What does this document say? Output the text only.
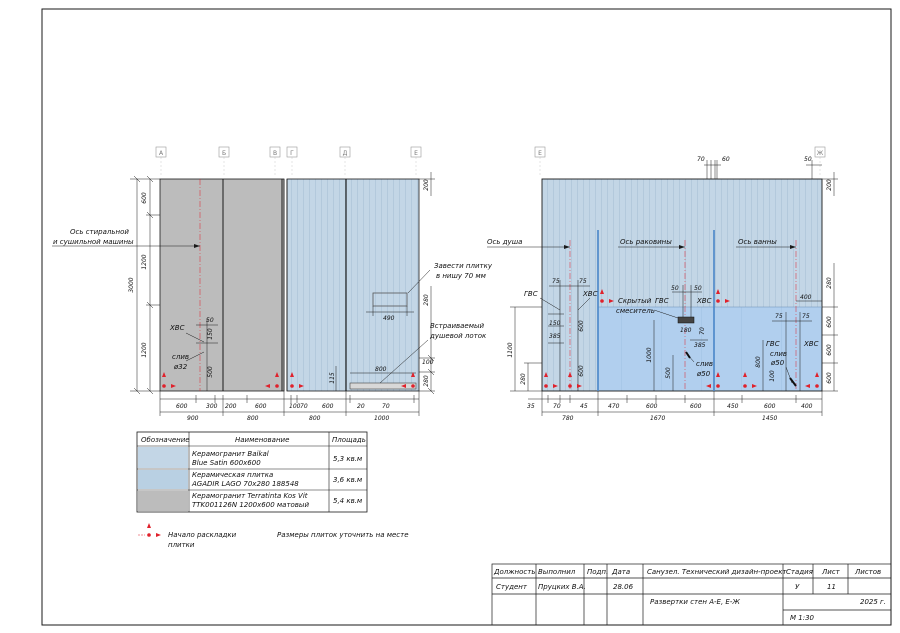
А	Б	В Г	Д	Е
600
1200
1200
3000
200
280
100
280
Ось стиральной
и сушильной машины
Завести плитку
в нишу 70 мм
490
Встраиваемый
душевой лоток
ХВС
50
150
500
слив
ø32
115
800
600	300 200	600	100 70 600	20	70
900	800	800	1000
Е	Ж
70	60	50
Ось душа	Ось раковины	Ось ванны
200
280
600
600
600
1100
280
ГВС	ХВС
75	75
150
385
600
600
Скрытый
смеситель
ГВС	ХВС
50	50
180 70
385
1000
500
слив
ø50
400
75	75
ГВС
слив
ø50
ХВС
800
100
35	70	45	470	600	600	450	600	400
780	1670	1450
Обозначение	Наименование	Площадь
Керамогранит Baikal
Blue Satin 600x600	5,3 кв.м
Керамическая плитка
AGADIR LAGO 70x280 188548	3,6 кв.м
Керамогранит Terratinta Kos Vit
TTK001126N 1200x600 матовый	5,4 кв.м
Начало раскладки
плитки
Размеры плиток уточнить на месте
Должность Выполнил Подп. Дата
Студент Пруцких В.А.	28.06
Санузел. Технический дизайн-проект Стадия Лист Листов
У	11
Развертки стен А-Е, Е-Ж	2025 г.
М 1:30
